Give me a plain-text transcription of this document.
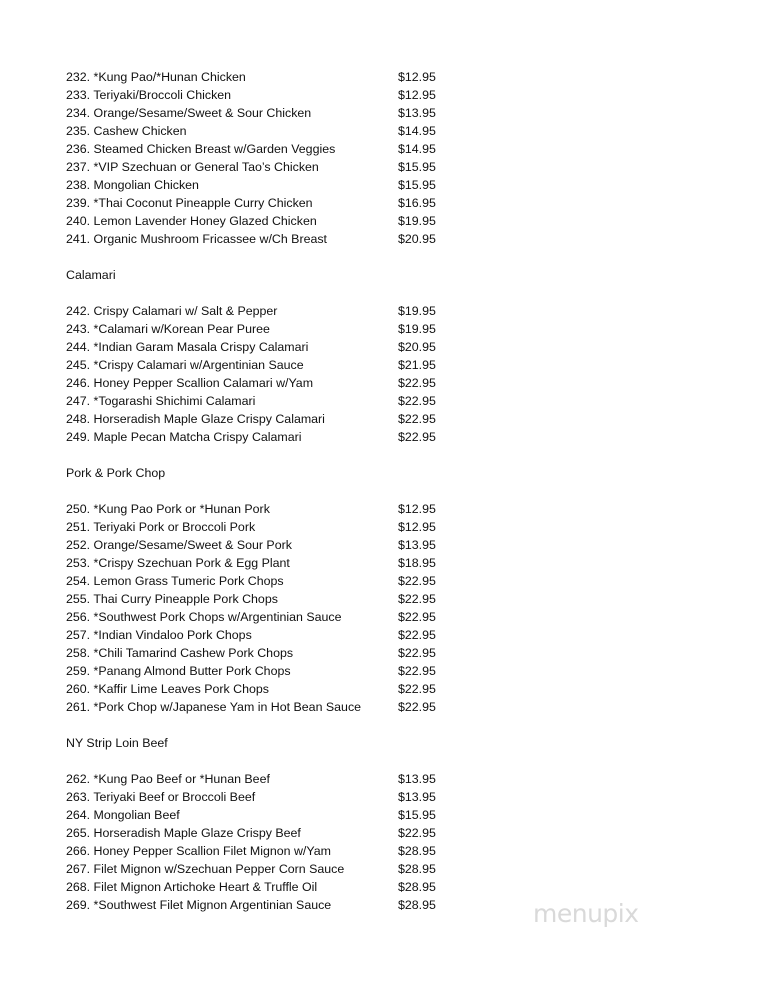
232. *Kung Pao/*Hunan Chicken	$12.95
233. Teriyaki/Broccoli Chicken	$12.95
234. Orange/Sesame/Sweet & Sour Chicken	$13.95
235. Cashew Chicken	$14.95
236. Steamed Chicken Breast w/Garden Veggies	$14.95
237. *VIP Szechuan or General Tao’s Chicken	$15.95
238. Mongolian Chicken	$15.95
239. *Thai Coconut Pineapple Curry Chicken	$16.95
240. Lemon Lavender Honey Glazed Chicken	$19.95
241. Organic Mushroom Fricassee w/Ch Breast	$20.95
Calamari
242. Crispy Calamari w/ Salt & Pepper	$19.95
243. *Calamari w/Korean Pear Puree	$19.95
244. *Indian Garam Masala Crispy Calamari	$20.95
245. *Crispy Calamari w/Argentinian Sauce	$21.95
246. Honey Pepper Scallion Calamari w/Yam	$22.95
247. *Togarashi Shichimi Calamari	$22.95
248. Horseradish Maple Glaze Crispy Calamari	$22.95
249. Maple Pecan Matcha Crispy Calamari	$22.95
Pork & Pork Chop
250. *Kung Pao Pork or *Hunan Pork	$12.95
251. Teriyaki Pork or Broccoli Pork	$12.95
252. Orange/Sesame/Sweet & Sour Pork	$13.95
253. *Crispy Szechuan Pork & Egg Plant	$18.95
254. Lemon Grass Tumeric Pork Chops	$22.95
255. Thai Curry Pineapple Pork Chops	$22.95
256. *Southwest Pork Chops w/Argentinian Sauce	$22.95
257. *Indian Vindaloo Pork Chops	$22.95
258. *Chili Tamarind Cashew Pork Chops	$22.95
259. *Panang Almond Butter Pork Chops	$22.95
260. *Kaffir Lime Leaves Pork Chops	$22.95
261. *Pork Chop w/Japanese Yam in Hot Bean Sauce	$22.95
NY Strip Loin Beef
262. *Kung Pao Beef or *Hunan Beef	$13.95
263. Teriyaki Beef or Broccoli Beef	$13.95
264. Mongolian Beef	$15.95
265. Horseradish Maple Glaze Crispy Beef	$22.95
266. Honey Pepper Scallion Filet Mignon w/Yam	$28.95
267. Filet Mignon w/Szechuan Pepper Corn Sauce	$28.95
268. Filet Mignon Artichoke Heart & Truffle Oil	$28.95
269. *Southwest Filet Mignon Argentinian Sauce	$28.95	menupix
